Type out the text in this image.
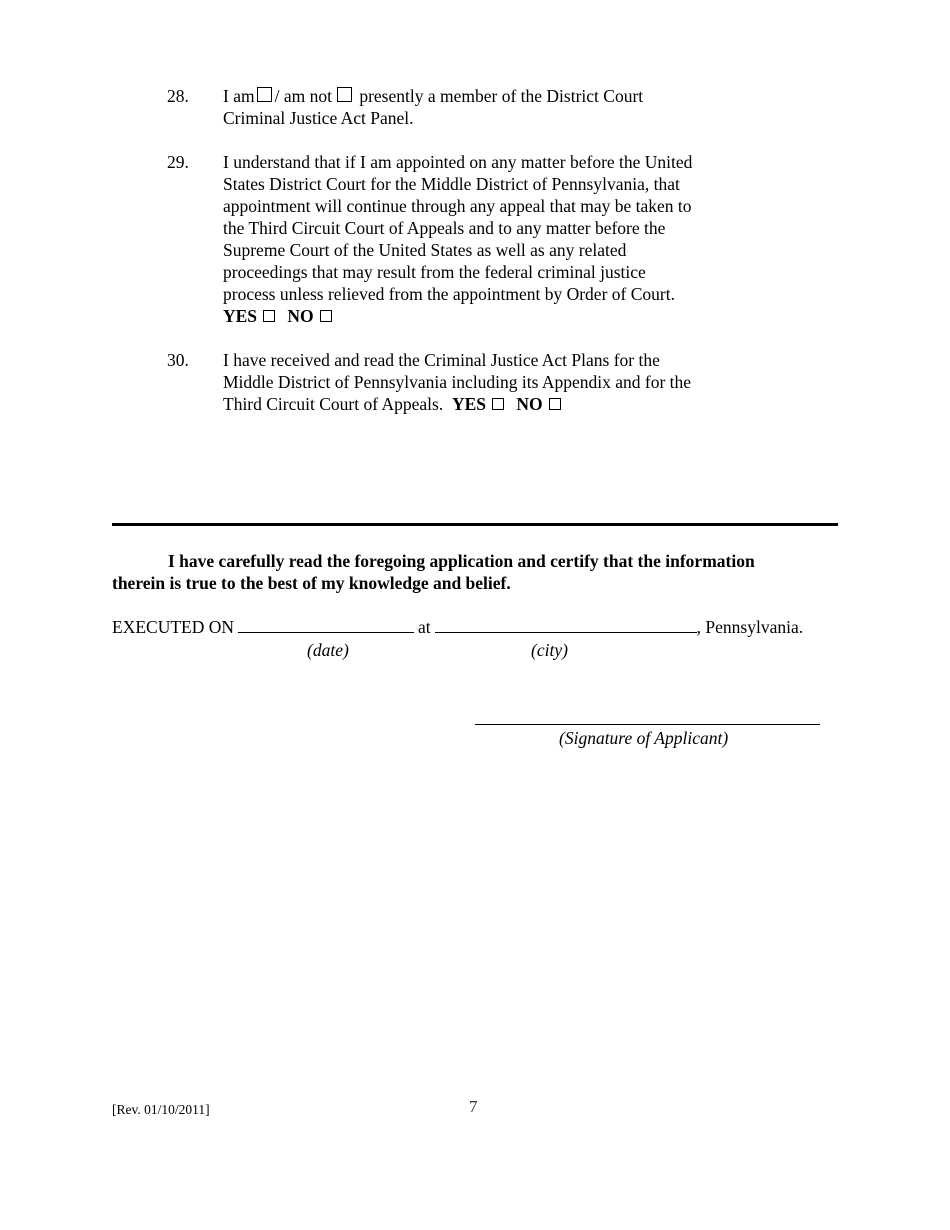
28.	I am / am not presently a member of the District Court
Criminal Justice Act Panel.
29.	I understand that if I am appointed on any matter before the United
States District Court for the Middle District of Pennsylvania, that
appointment will continue through any appeal that may be taken to
the Third Circuit Court of Appeals and to any matter before the
Supreme Court of the United States as well as any related
proceedings that may result from the federal criminal justice
process unless relieved from the appointment by Order of Court.
YES NO
30.	I have received and read the Criminal Justice Act Plans for the
Middle District of Pennsylvania including its Appendix and for the
Third Circuit Court of Appeals. YES NO
I have carefully read the foregoing application and certify that the information
therein is true to the best of my knowledge and belief.
EXECUTED ON	at	, Pennsylvania.
(date)	(city)
(Signature of Applicant)
[Rev. 01/10/2011]	7
